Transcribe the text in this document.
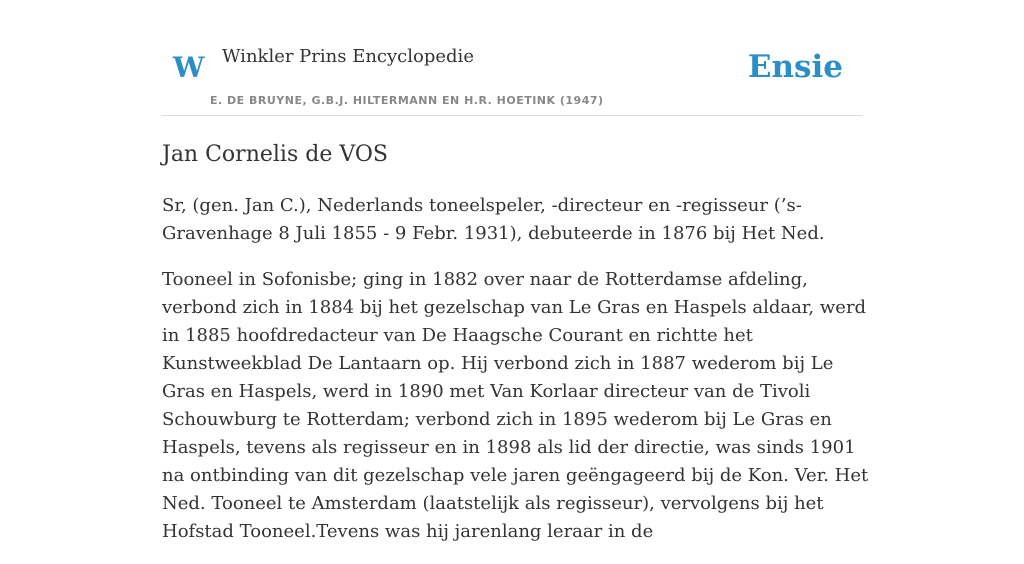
W Winkler Prins Encyclopedie
E. DE BRUYNE, G.B.J. HILTERMANN EN H.R. HOETINK (1947)
Ensie
Jan Cornelis de VOS

Sr, (gen. Jan C.), Nederlands toneelspeler, -directeur en -regisseur (’s-Gravenhage 8 Juli 1855 - 9 Febr. 1931), debuteerde in 1876 bij Het Ned.

Tooneel in Sofonisbe; ging in 1882 over naar de Rotterdamse afdeling, verbond zich in 1884 bij het gezelschap van Le Gras en Haspels aldaar, werd in 1885 hoofdredacteur van De Haagsche Courant en richtte het Kunstweekblad De Lantaarn op. Hij verbond zich in 1887 wederom bij Le Gras en Haspels, werd in 1890 met Van Korlaar directeur van de Tivoli Schouwburg te Rotterdam; verbond zich in 1895 wederom bij Le Gras en Haspels, tevens als regisseur en in 1898 als lid der directie, was sinds 1901 na ontbinding van dit gezelschap vele jaren geëngageerd bij de Kon. Ver. Het Ned. Tooneel te Amsterdam (laatstelijk als regisseur), vervolgens bij het Hofstad Tooneel.Tevens was hij jarenlang leraar in de
